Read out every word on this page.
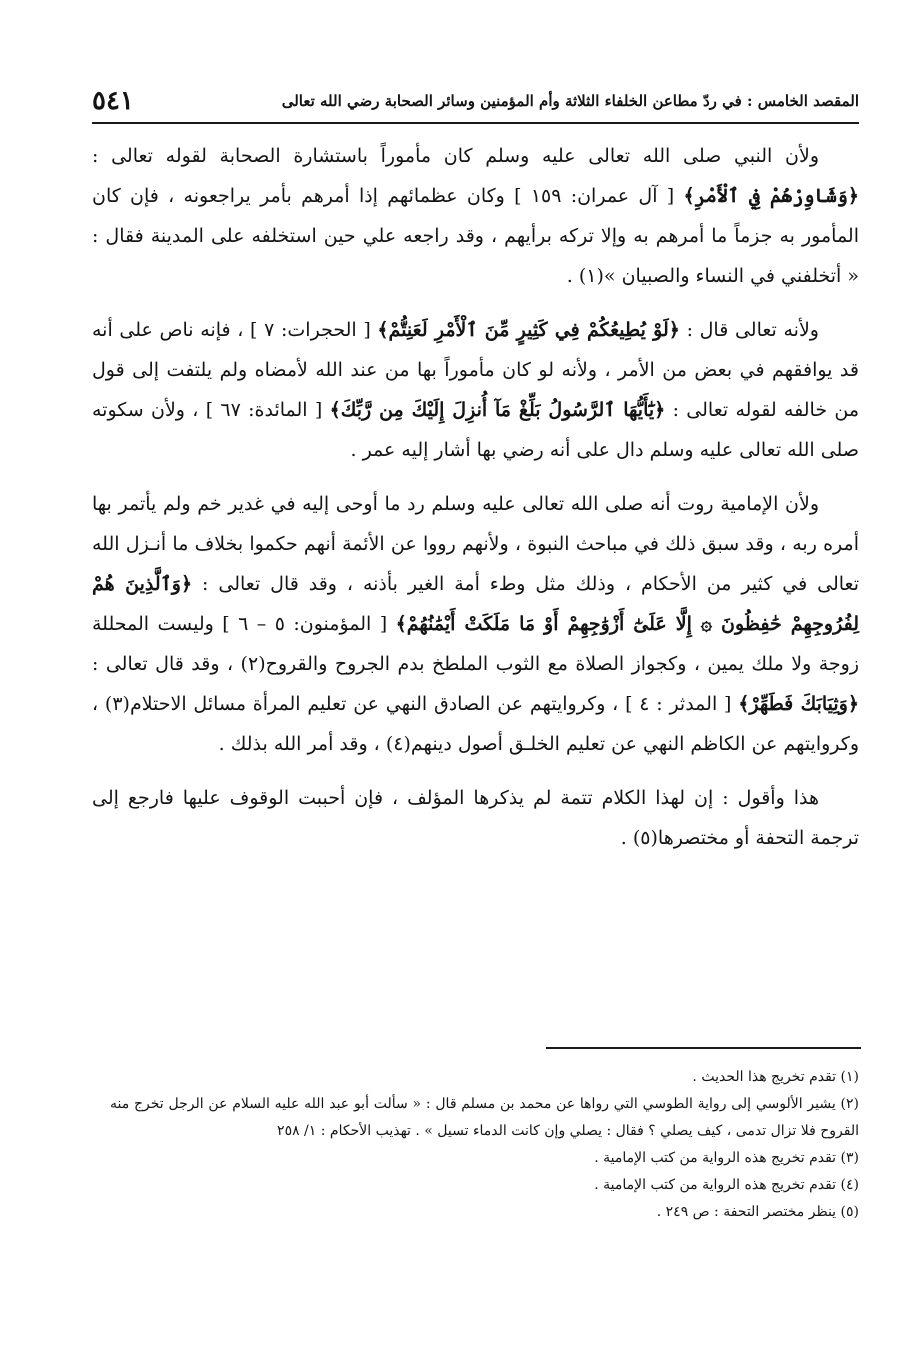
المقصد الخامس : في ردّ مطاعن الخلفاء الثلاثة وأم المؤمنين وسائر الصحابة رضي الله تعالى
٥٤١

ولأن النبي صلى الله تعالى عليه وسلم كان مأموراً باستشارة الصحابة لقوله تعالى : ﴿وَشَاوِرْهُمْ فِي ٱلْأَمْرِ﴾ [ آل عمران: ١٥٩ ] وكان عظمائهم إذا أمرهم بأمر يراجعونه ، فإن كان المأمور به جزماً ما أمرهم به وإلا تركه برأيهم ، وقد راجعه علي حين استخلفه على المدينة فقال : « أتخلفني في النساء والصبيان »(١) .

ولأنه تعالى قال : ﴿لَوْ يُطِيعُكُمْ فِي كَثِيرٍ مِّنَ ٱلْأَمْرِ لَعَنِتُّمْ﴾ [ الحجرات: ٧ ] ، فإنه ناص على أنه قد يوافقهم في بعض من الأمر ، ولأنه لو كان مأموراً بها من عند الله لأمضاه ولم يلتفت إلى قول من خالفه لقوله تعالى : ﴿يَٰٓأَيُّهَا ٱلرَّسُولُ بَلِّغْ مَآ أُنزِلَ إِلَيْكَ مِن رَّبِّكَ﴾ [ المائدة: ٦٧ ] ، ولأن سكوته صلى الله تعالى عليه وسلم دال على أنه رضي بها أشار إليه عمر .

ولأن الإمامية روت أنه صلى الله تعالى عليه وسلم رد ما أوحى إليه في غدير خم ولم يأتمر بها أمره ربه ، وقد سبق ذلك في مباحث النبوة ، ولأنهم رووا عن الأئمة أنهم حكموا بخلاف ما أنـزل الله تعالى في كثير من الأحكام ، وذلك مثل وطء أمة الغير بأذنه ، وقد قال تعالى : ﴿وَٱلَّذِينَ هُمْ لِفُرُوجِهِمْ حَٰفِظُونَ ۞ إِلَّا عَلَىٰٓ أَزْوَٰجِهِمْ أَوْ مَا مَلَكَتْ أَيْمَٰنُهُمْ﴾ [ المؤمنون: ٥ – ٦ ] وليست المحللة زوجة ولا ملك يمين ، وكجواز الصلاة مع الثوب الملطخ بدم الجروح والقروح(٢) ، وقد قال تعالى : ﴿وَثِيَابَكَ فَطَهِّرْ﴾ [ المدثر : ٤ ] ، وكروايتهم عن الصادق النهي عن تعليم المرأة مسائل الاحتلام(٣) ، وكروايتهم عن الكاظم النهي عن تعليم الخلـق أصول دينهم(٤) ، وقد أمر الله بذلك .

هذا وأقول : إن لهذا الكلام تتمة لم يذكرها المؤلف ، فإن أحببت الوقوف عليها فارجع إلى ترجمة التحفة أو مختصرها(٥) .

(١) تقدم تخريج هذا الحديث .

(٢) يشير الألوسي إلى رواية الطوسي التي رواها عن محمد بن مسلم قال : « سألت أبو عبد الله عليه السلام عن الرجل تخرج منه القروح فلا تزال تدمى ، كيف يصلي ؟ فقال : يصلي وإن كانت الدماء تسيل » . تهذيب الأحكام : ١/ ٢٥٨

(٣) تقدم تخريج هذه الرواية من كتب الإمامية .

(٤) تقدم تخريج هذه الرواية من كتب الإمامية .

(٥) ينظر مختصر التحفة : ص ٢٤٩ .
